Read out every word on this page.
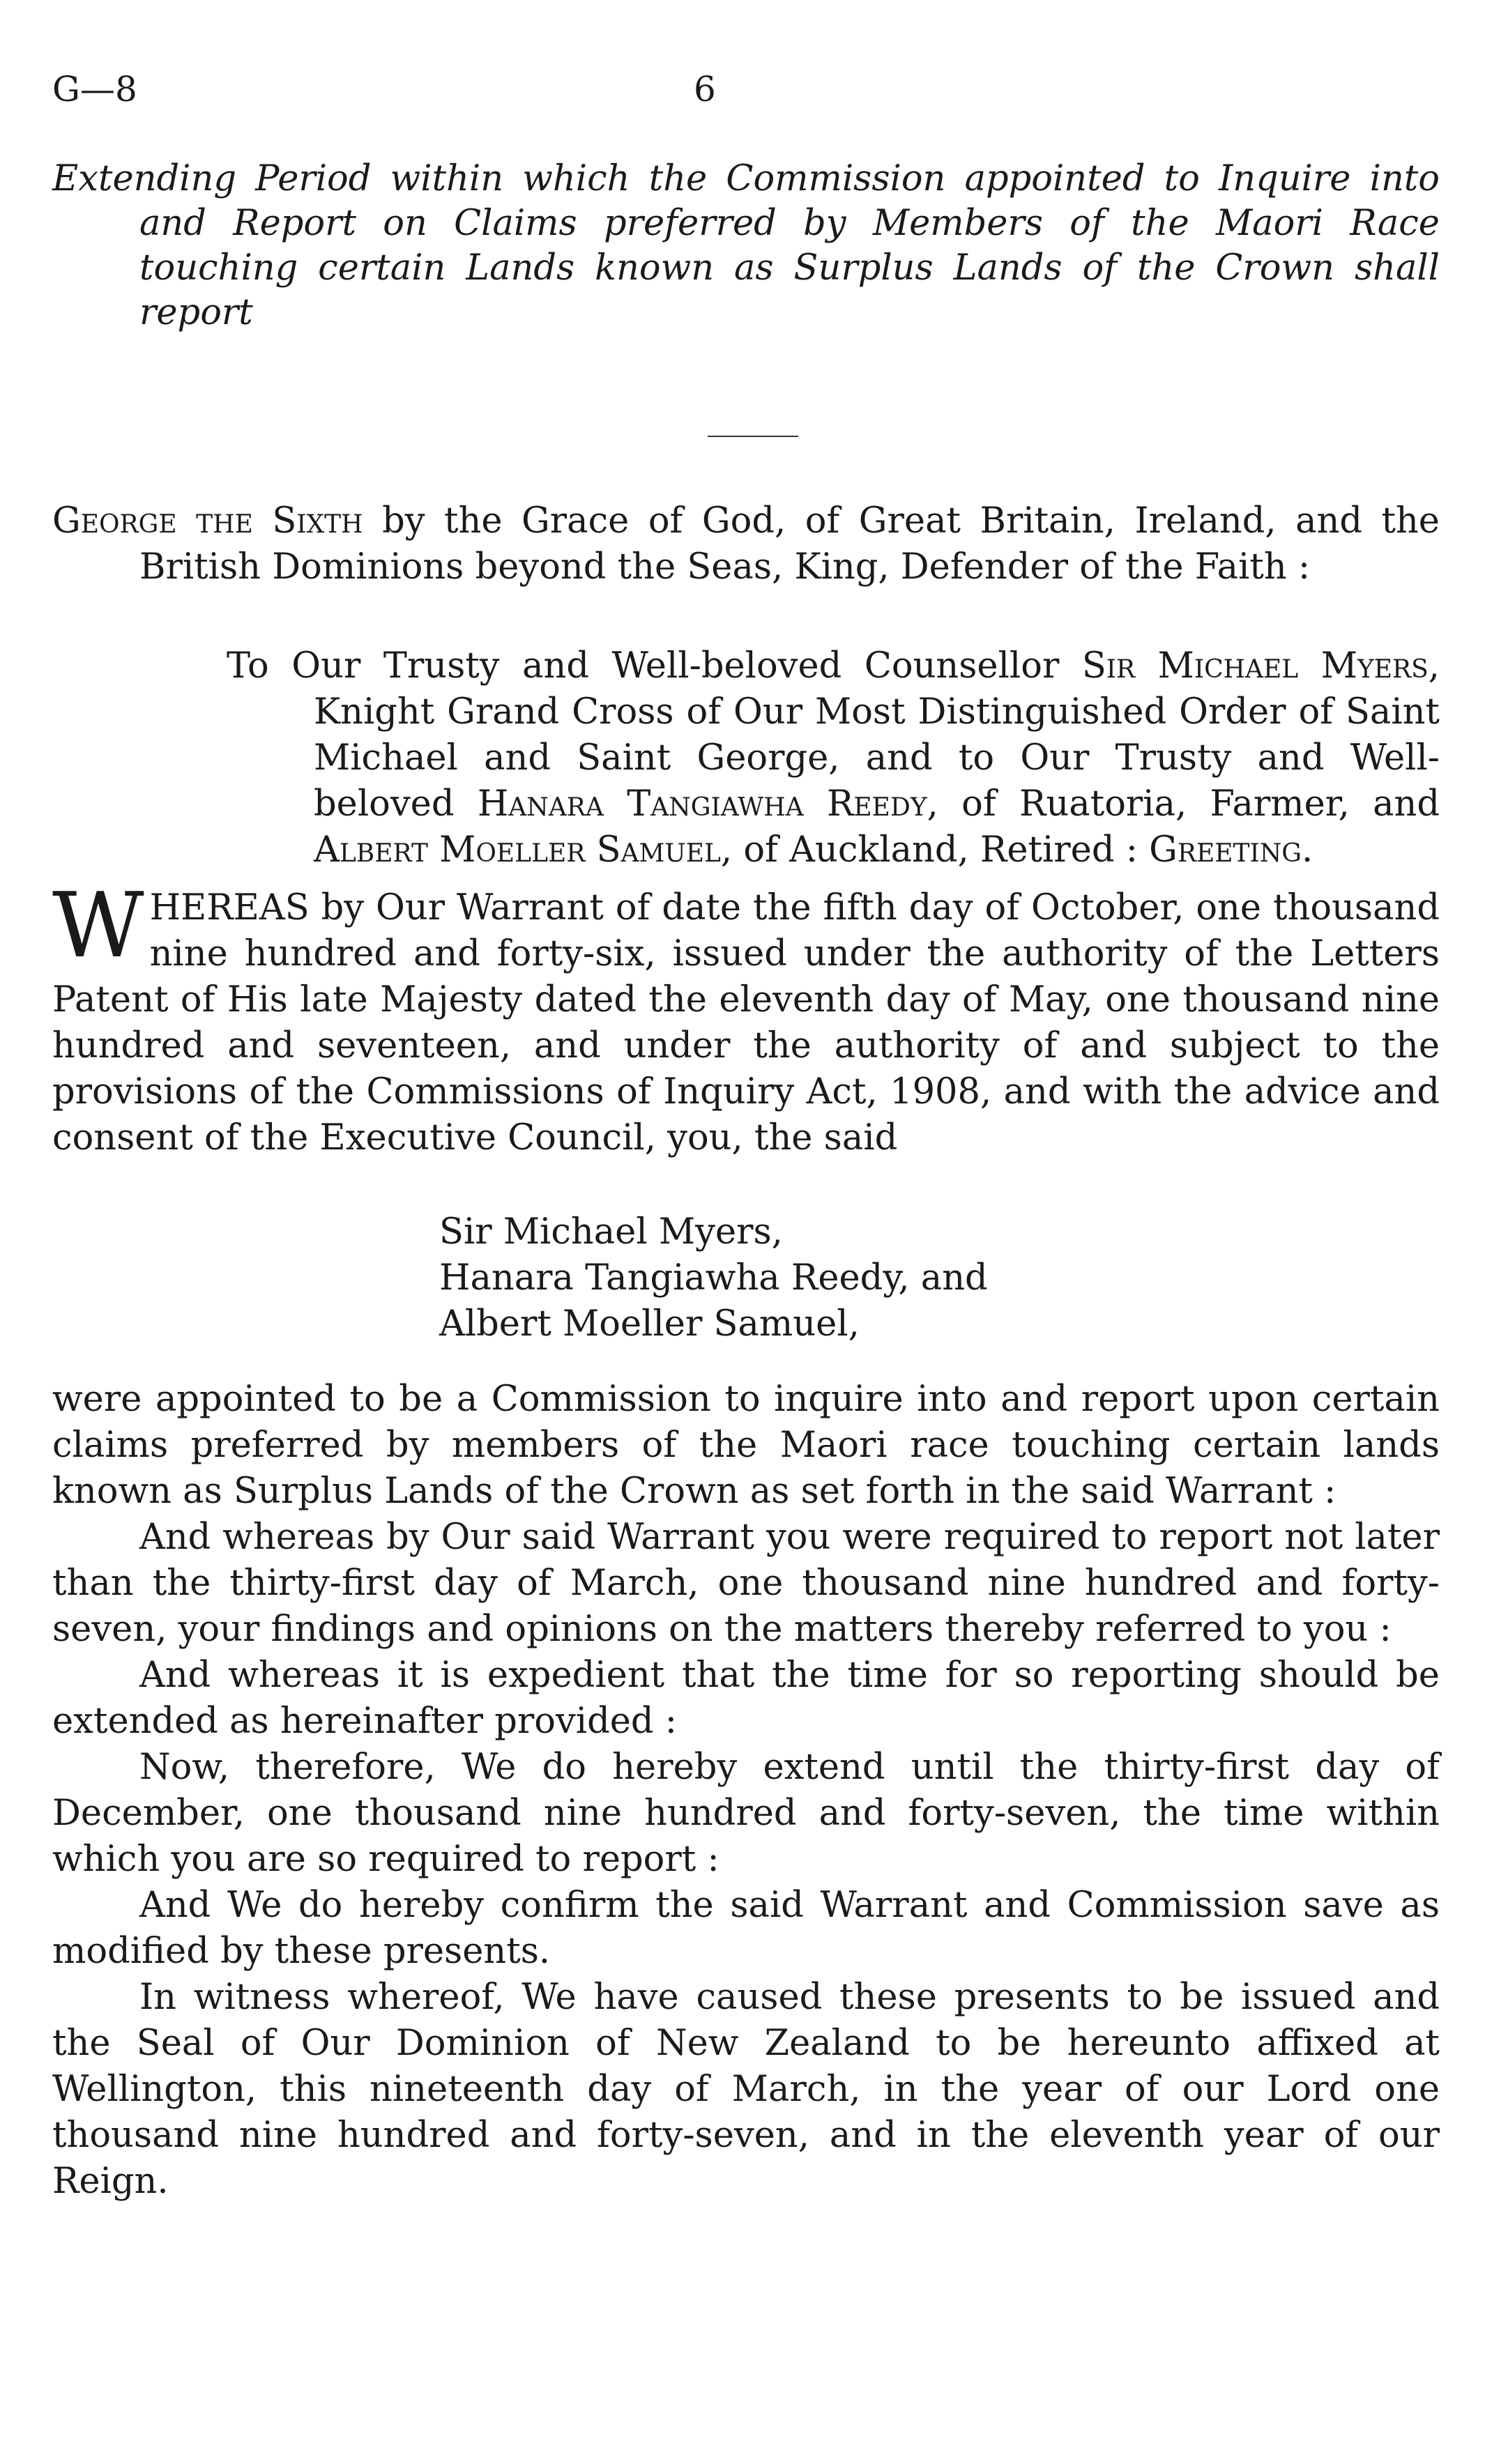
G—8	6
Extending Period within which the Commission appointed to Inquire into and Report on Claims preferred by Members of the Maori Race touching certain Lands known as Surplus Lands of the Crown shall report
George the Sixth by the Grace of God, of Great Britain, Ireland, and the British Dominions beyond the Seas, King, Defender of the Faith :
To Our Trusty and Well-beloved Counsellor Sir Michael Myers, Knight Grand Cross of Our Most Distinguished Order of Saint Michael and Saint George, and to Our Trusty and Well-beloved Hanara Tangiawha Reedy, of Ruatoria, Farmer, and Albert Moeller Samuel, of Auckland, Retired : Greeting.
WHEREAS by Our Warrant of date the fifth day of October, one thousand nine hundred and forty-six, issued under the authority of the Letters Patent of His late Majesty dated the eleventh day of May, one thousand nine hundred and seventeen, and under the authority of and subject to the provisions of the Commissions of Inquiry Act, 1908, and with the advice and consent of the Executive Council, you, the said
Sir Michael Myers,
Hanara Tangiawha Reedy, and
Albert Moeller Samuel,

were appointed to be a Commission to inquire into and report upon certain claims preferred by members of the Maori race touching certain lands known as Surplus Lands of the Crown as set forth in the said Warrant :

And whereas by Our said Warrant you were required to report not later than the thirty-first day of March, one thousand nine hundred and forty-seven, your findings and opinions on the matters thereby referred to you :

And whereas it is expedient that the time for so reporting should be extended as hereinafter provided :

Now, therefore, We do hereby extend until the thirty-first day of December, one thousand nine hundred and forty-seven, the time within which you are so required to report :

And We do hereby confirm the said Warrant and Commission save as modified by these presents.

In witness whereof, We have caused these presents to be issued and the Seal of Our Dominion of New Zealand to be hereunto affixed at Wellington, this nineteenth day of March, in the year of our Lord one thousand nine hundred and forty-seven, and in the eleventh year of our Reign.
